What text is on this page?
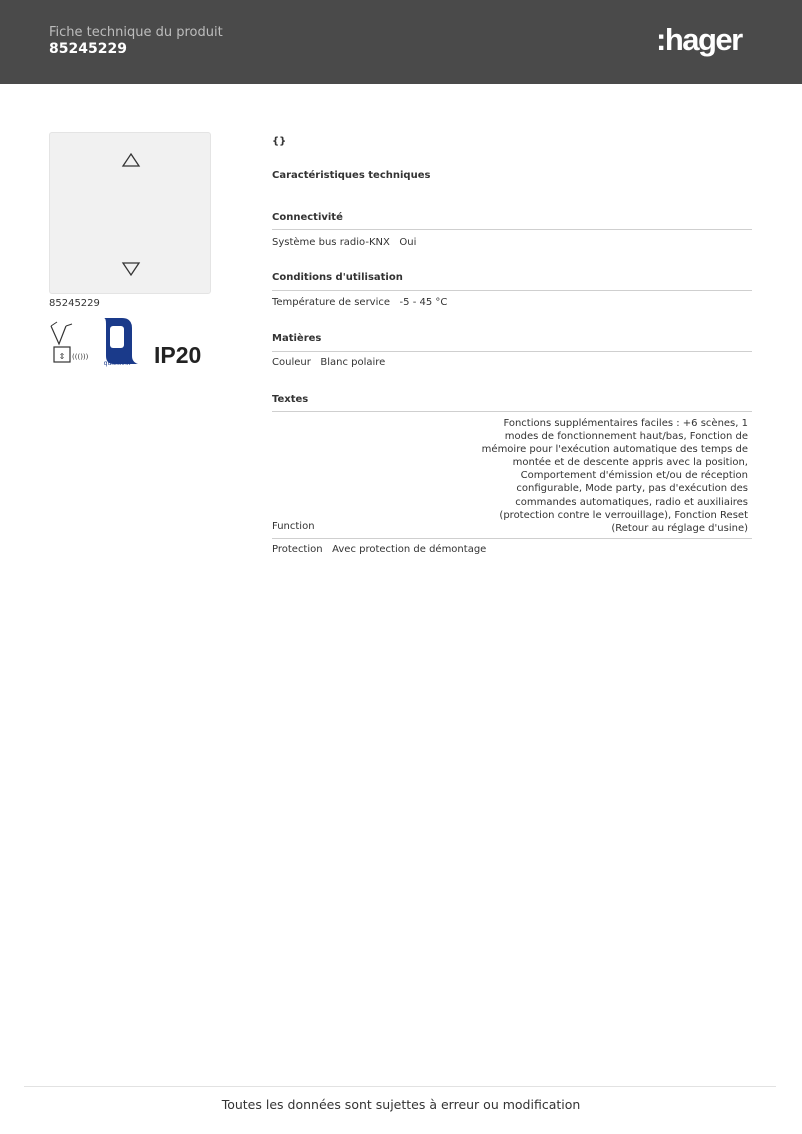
Fiche technique du produit
85245229	:hager
85245229
⇕ ((()))
quicklink IP20
{}
Caractéristiques techniques
Connectivité
Système bus radio-KNX   Oui
Conditions d'utilisation
Température de service   -5 - 45 °C
Matières
Couleur   Blanc polaire
Textes
Fonctions supplémentaires faciles : +6 scènes, 1 modes de fonctionnement haut/bas, Fonction de mémoire pour l'exécution automatique des temps de montée et de descente appris avec la position, Comportement d'émission et/ou de réception configurable, Mode party, pas d'exécution des commandes automatiques, radio et auxiliaires (protection contre le verrouillage), Fonction Reset (Retour au réglage d'usine)
Function
Protection   Avec protection de démontage
Toutes les données sont sujettes à erreur ou modification
